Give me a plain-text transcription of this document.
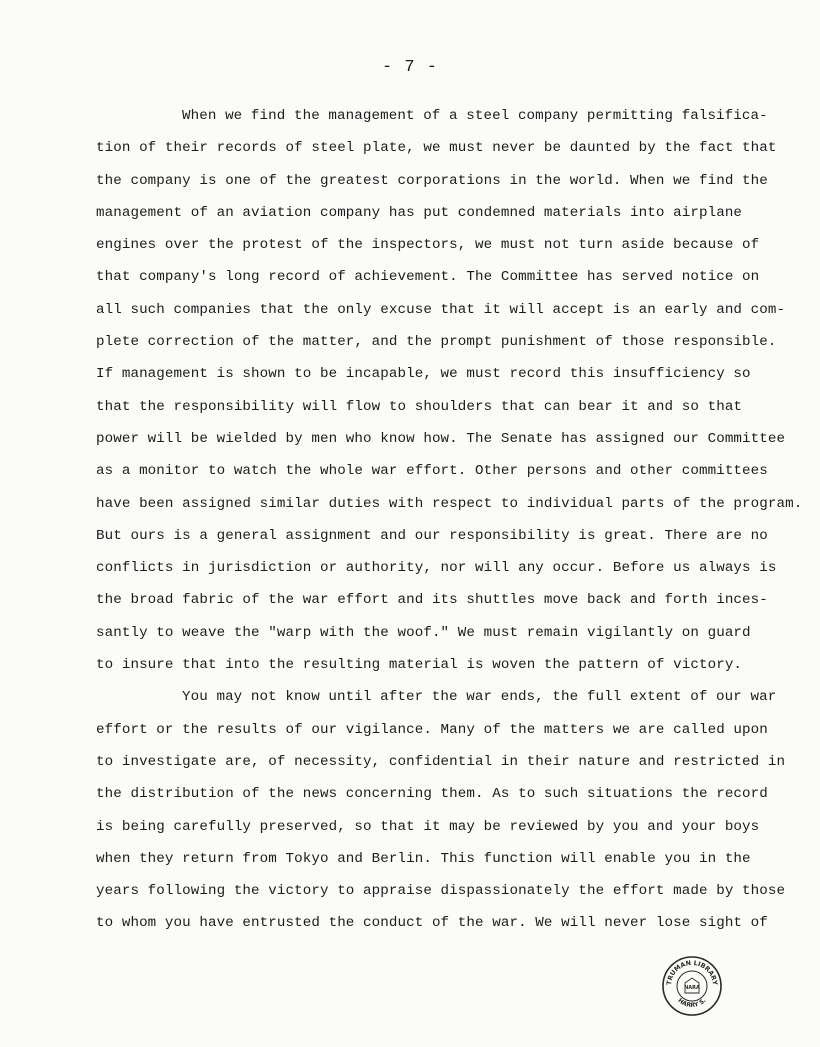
- 7 -
When we find the management of a steel company permitting falsifica-
tion of their records of steel plate, we must never be daunted by the fact that
the company is one of the greatest corporations in the world. When we find the
management of an aviation company has put condemned materials into airplane
engines over the protest of the inspectors, we must not turn aside because of
that company's long record of achievement. The Committee has served notice on
all such companies that the only excuse that it will accept is an early and com-
plete correction of the matter, and the prompt punishment of those responsible.
If management is shown to be incapable, we must record this insufficiency so
that the responsibility will flow to shoulders that can bear it and so that
power will be wielded by men who know how. The Senate has assigned our Committee
as a monitor to watch the whole war effort. Other persons and other committees
have been assigned similar duties with respect to individual parts of the program.
But ours is a general assignment and our responsibility is great. There are no
conflicts in jurisdiction or authority, nor will any occur. Before us always is
the broad fabric of the war effort and its shuttles move back and forth inces-
santly to weave the "warp with the woof." We must remain vigilantly on guard
to insure that into the resulting material is woven the pattern of victory.
You may not know until after the war ends, the full extent of our war
effort or the results of our vigilance. Many of the matters we are called upon
to investigate are, of necessity, confidential in their nature and restricted in
the distribution of the news concerning them. As to such situations the record
is being carefully preserved, so that it may be reviewed by you and your boys
when they return from Tokyo and Berlin. This function will enable you in the
years following the victory to appraise dispassionately the effort made by those
to whom you have entrusted the conduct of the war. We will never lose sight of
TRUMAN LIBRARY
HARRY S.
NARA
